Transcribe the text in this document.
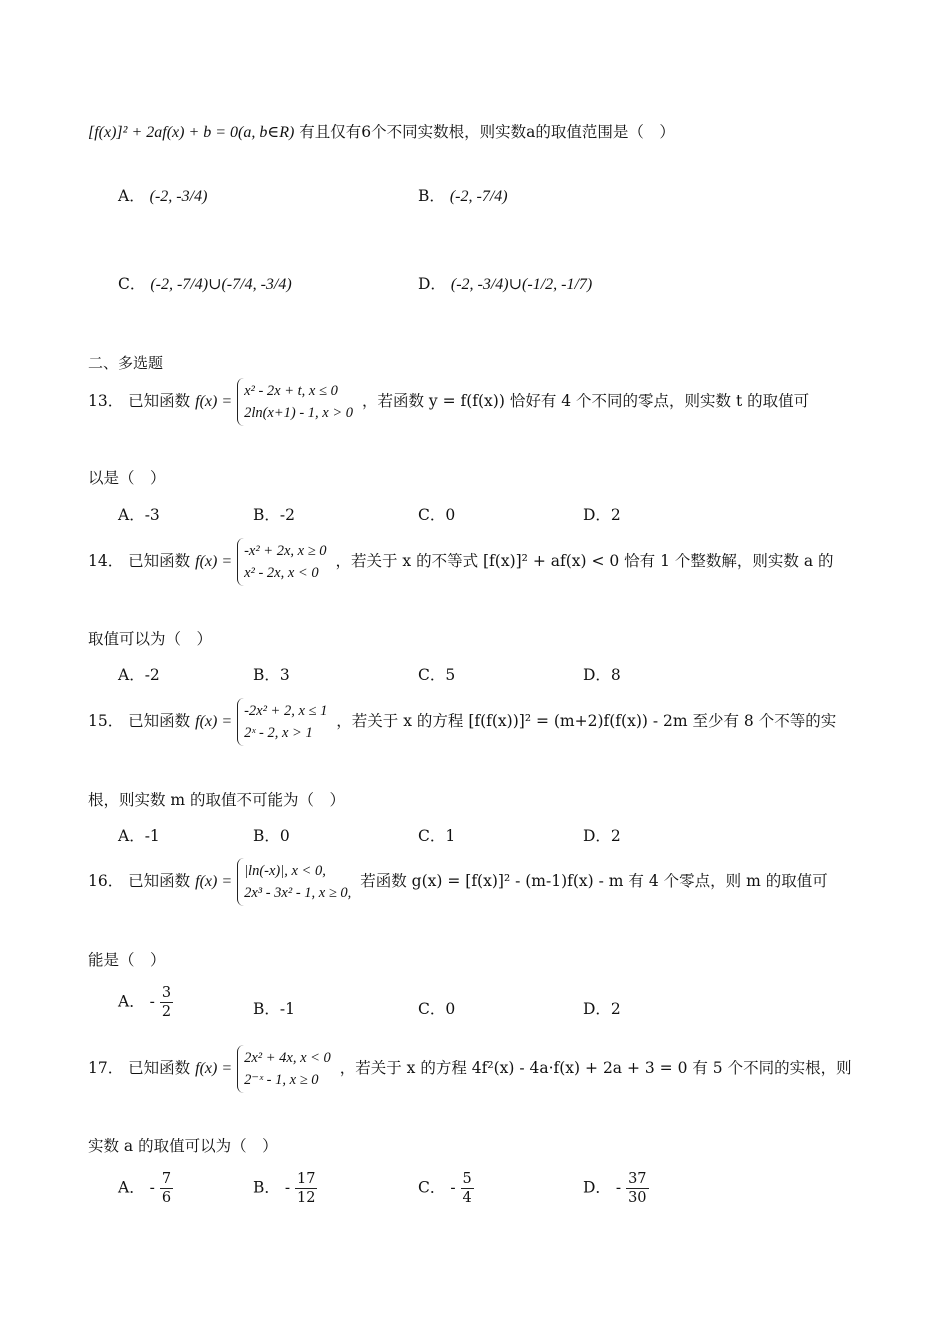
[f(x)]² + 2af(x) + b = 0(a, b∈R) 有且仅有6个不同实数根，则实数a的取值范围是（　）
A． (-2, -3/4)	B． (-2, -7/4)
C． (-2, -7/4)∪(-7/4, -3/4)	D． (-2, -3/4)∪(-1/2, -1/7)
二、多选题
13． 已知函数 f(x) = x² - 2x + t, x ≤ 0
2ln(x+1) - 1, x > 0 ，若函数 y = f(f(x)) 恰好有 4 个不同的零点，则实数 t 的取值可
以是（　）
A．-3	B．-2	C．0	D．2
14． 已知函数 f(x) = -x² + 2x, x ≥ 0
x² - 2x, x < 0 ，若关于 x 的不等式 [f(x)]² + af(x) < 0 恰有 1 个整数解，则实数 a 的
取值可以为（　）
A．-2	B．3	C．5	D．8
15． 已知函数 f(x) = -2x² + 2, x ≤ 1
2ˣ - 2, x > 1 ，若关于 x 的方程 [f(f(x))]² = (m+2)f(f(x)) - 2m 至少有 8 个不等的实
根，则实数 m 的取值不可能为（　）
A．-1	B．0	C．1	D．2
16． 已知函数 f(x) = |ln(-x)|, x < 0,
2x³ - 3x² - 1, x ≥ 0, 若函数 g(x) = [f(x)]² - (m-1)f(x) - m 有 4 个零点，则 m 的取值可
能是（　）
A． - $\frac{3}{2}$	B．-1	C．0	D．2
17． 已知函数 f(x) = 2x² + 4x, x < 0
2⁻ˣ - 1, x ≥ 0 ，若关于 x 的方程 4f²(x) - 4a·f(x) + 2a + 3 = 0 有 5 个不同的实根，则
实数 a 的取值可以为（　）
A． - $\frac{7}{6}$	B． - $\frac{17}{12}$	C． - $\frac{5}{4}$	D． - $\frac{37}{30}$
